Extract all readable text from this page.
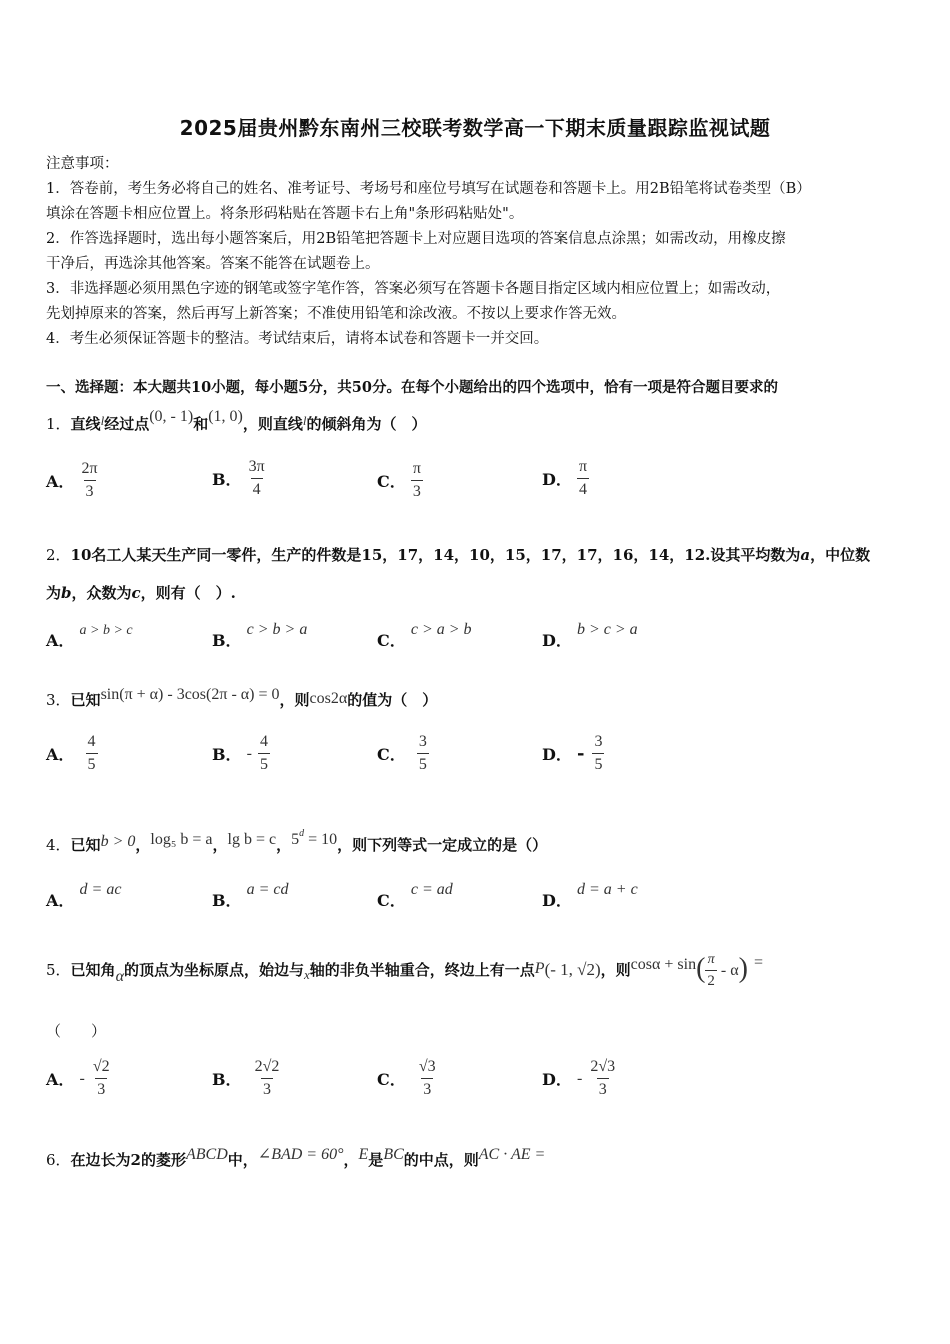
2025届贵州黔东南州三校联考数学高一下期末质量跟踪监视试题
注意事项：
1．答卷前，考生务必将自己的姓名、准考证号、考场号和座位号填写在试题卷和答题卡上。用2B铅笔将试卷类型（B）
填涂在答题卡相应位置上。将条形码粘贴在答题卡右上角"条形码粘贴处"。
2．作答选择题时，选出每小题答案后，用2B铅笔把答题卡上对应题目选项的答案信息点涂黑；如需改动，用橡皮擦
干净后，再选涂其他答案。答案不能答在试题卷上。
3．非选择题必须用黑色字迹的钢笔或签字笔作答，答案必须写在答题卡各题目指定区域内相应位置上；如需改动，
先划掉原来的答案，然后再写上新答案；不准使用铅笔和涂改液。不按以上要求作答无效。
4．考生必须保证答题卡的整洁。考试结束后，请将本试卷和答题卡一并交回。
一、选择题：本大题共10小题，每小题5分，共50分。在每个小题给出的四个选项中，恰有一项是符合题目要求的
1．直线l经过点(0, - 1)和(1, 0)，则直线l的倾斜角为（　）
A． $\frac{2\pi}{3}$	B． $\frac{3\pi}{4}$	C． $\frac{\pi}{3}$	D． $\frac{\pi}{4}$
2．10名工人某天生产同一零件，生产的件数是15，17，14，10，15，17，17，16，14，12.设其平均数为a，中位数
为b，众数为c，则有（　）.
A． a > b > c
B． c > b > a
C． c > a > b
D． b > c > a
3．已知sin(π + α) - 3cos(2π - α) = 0，则cos2α的值为（　）
A． $\frac{4}{5}$	B． - $\frac{4}{5}$	C． $\frac{3}{5}$	D． - $\frac{3}{5}$
4．已知b > 0，log₅ b = a，lg b = c，$5^d = 10$，则下列等式一定成立的是（）
A． d = ac
B． a = cd
C． c = ad
D． d = a + c
5．已知角α的顶点为坐标原点，始边与x轴的非负半轴重合，终边上有一点P(- 1, √2)，则$\cos\alpha + \sin( \frac{\pi}{2} - \alpha)$ =
（　　）
A． - $\frac{√2}{3}$	B． $\frac{2√2}{3}$	C． $\frac{√3}{3}$	D． - $\frac{2√3}{3}$
6．在边长为2的菱形ABCD中，∠BAD = 60°，E是BC的中点，则AC · AE =
